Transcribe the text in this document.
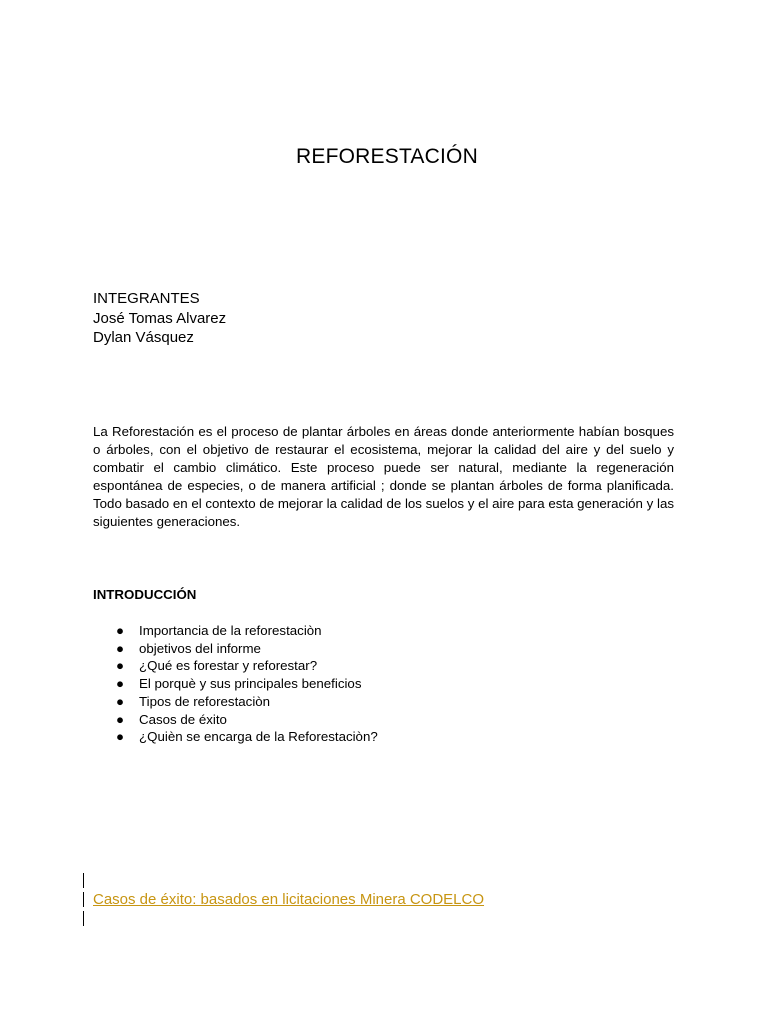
REFORESTACIÓN
INTEGRANTES
José Tomas Alvarez
Dylan Vásquez

La Reforestación es el proceso de plantar árboles en áreas donde anteriormente habían bosques o árboles, con el objetivo de restaurar el ecosistema, mejorar la calidad del aire y del suelo y combatir el cambio climático. Este proceso puede ser natural, mediante la regeneración espontánea de especies, o de manera artificial ; donde se plantan árboles de forma planificada. Todo basado en el contexto de mejorar la calidad de los suelos y el aire para esta generación y las siguientes generaciones.

INTRODUCCIÓN

● Importancia de la reforestaciòn
● objetivos del informe
● ¿Qué es forestar y reforestar?
● El porquè y sus principales beneficios
● Tipos de reforestaciòn
● Casos de éxito
● ¿Quièn se encarga de la Reforestaciòn?
Casos de éxito: basados en licitaciones Minera CODELCO
